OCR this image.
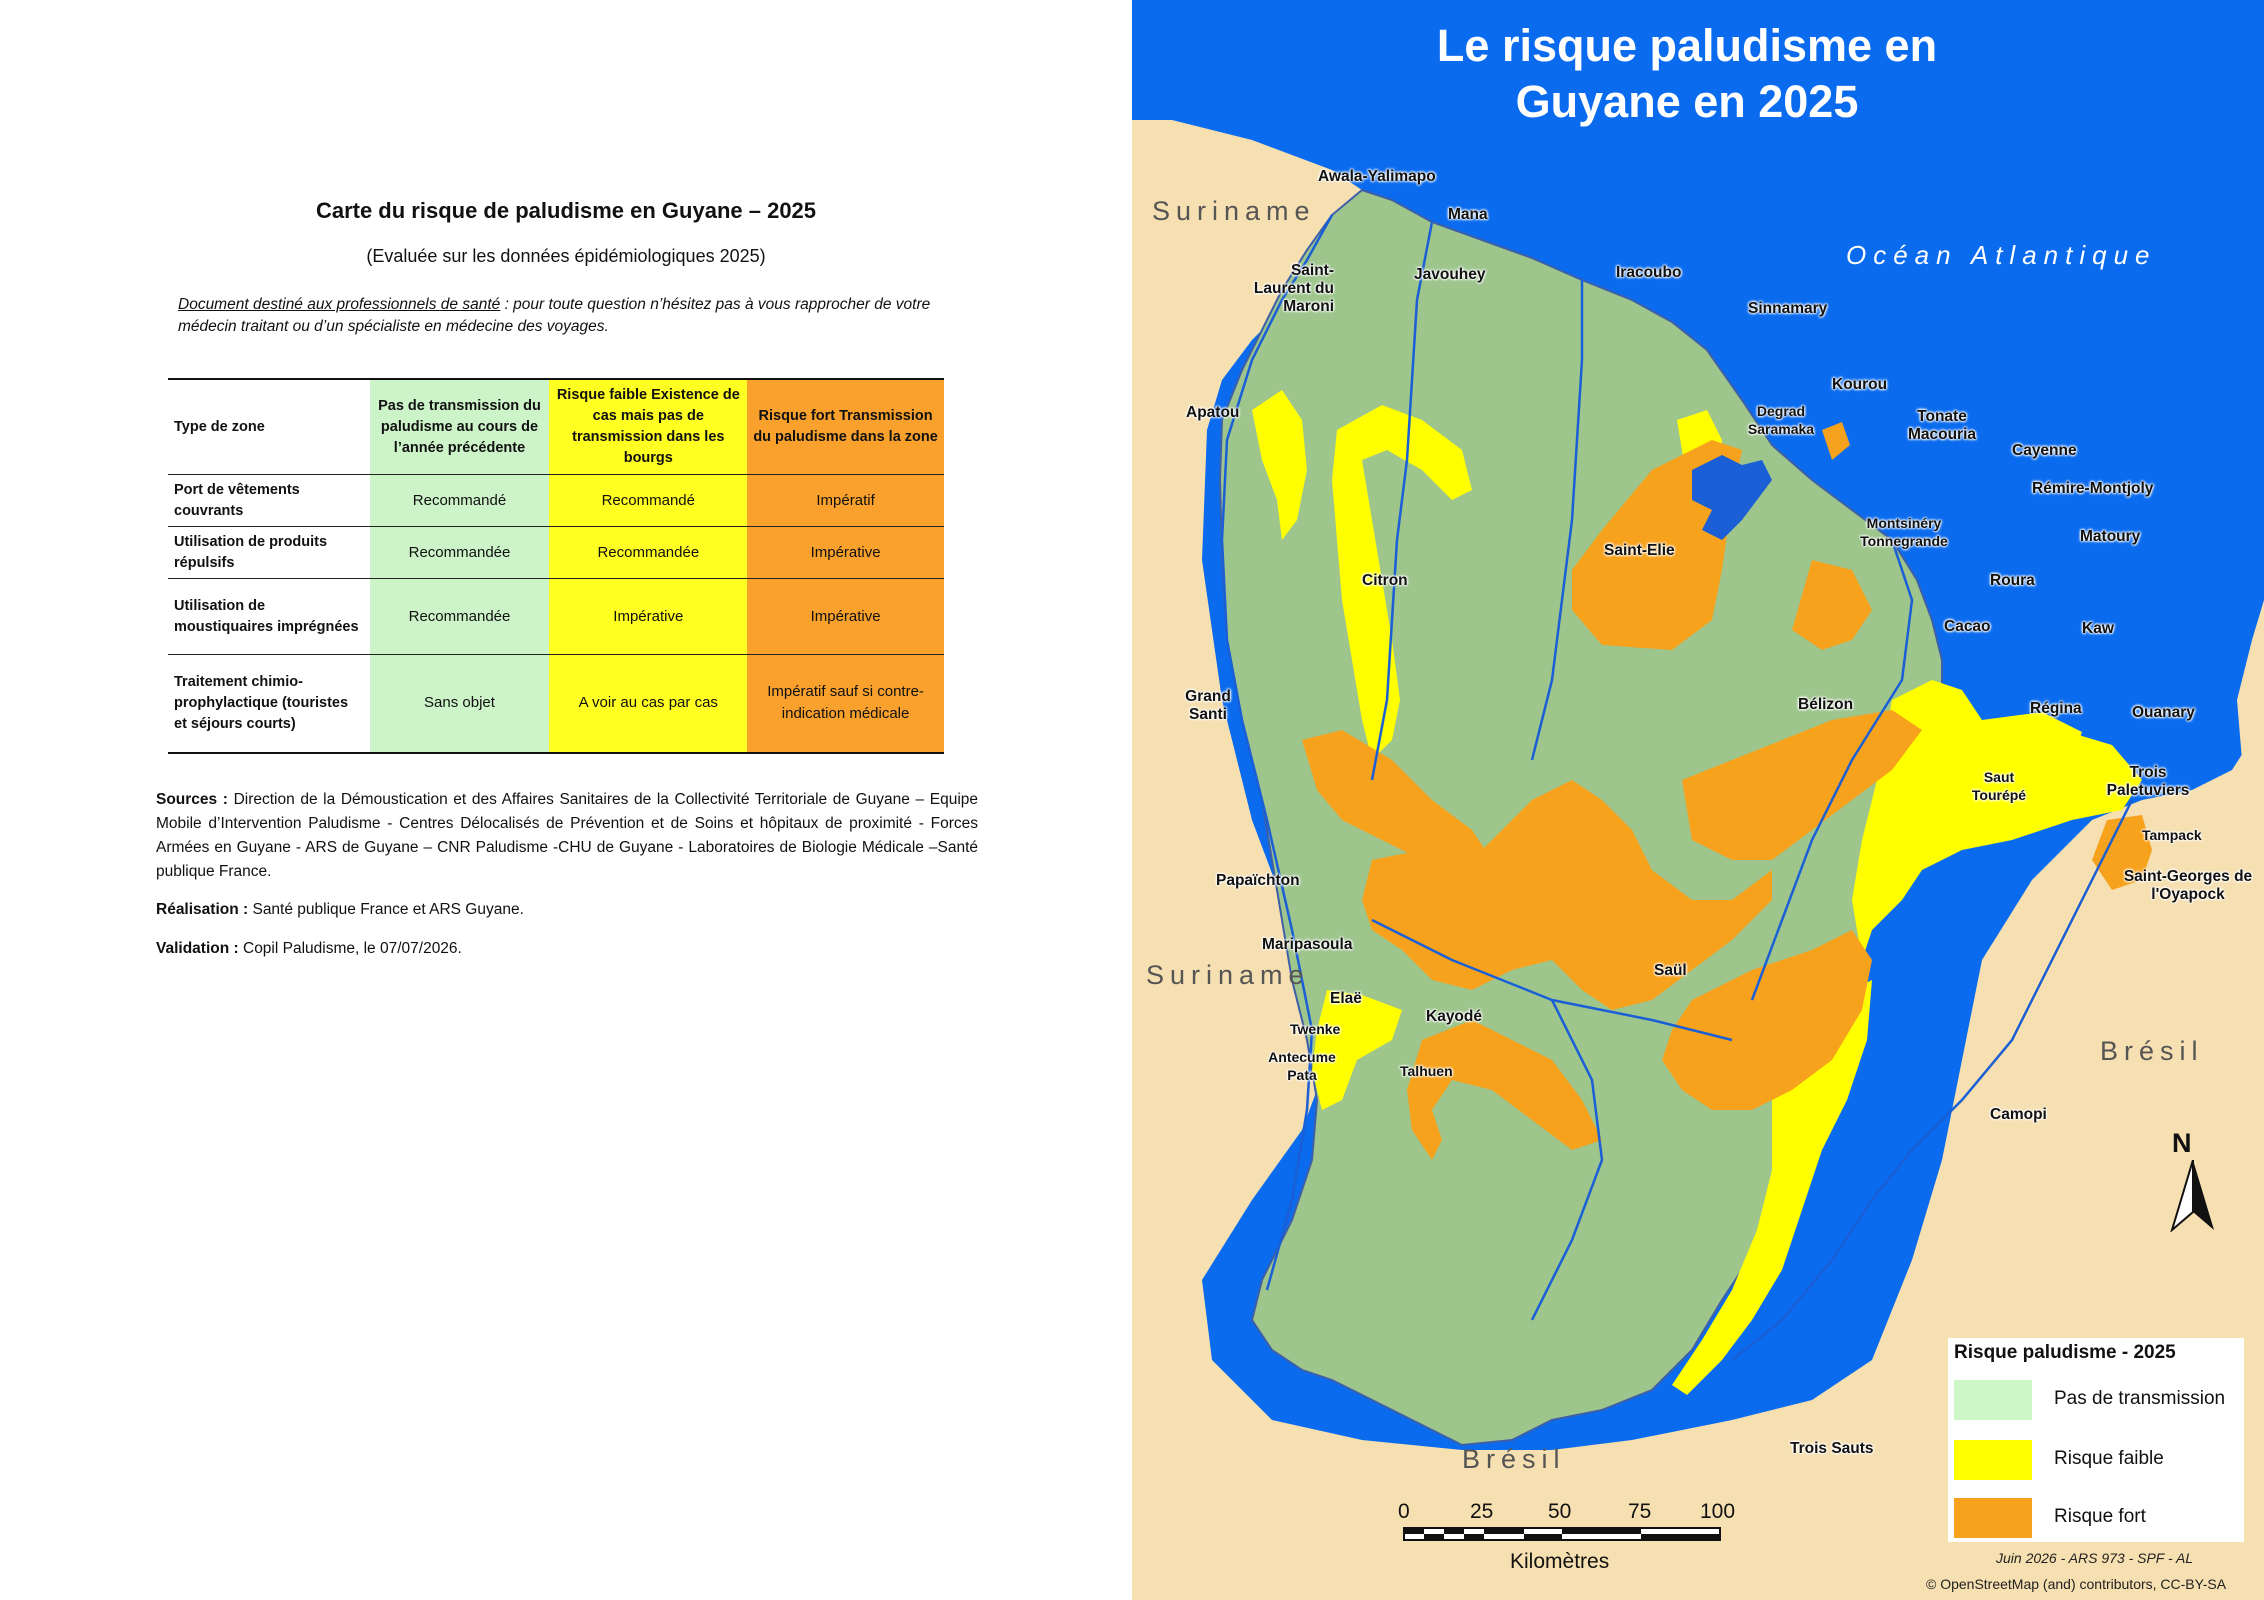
Carte du risque de paludisme en Guyane – 2025
(Evaluée sur les données épidémiologiques 2025)
Document destiné aux professionnels de santé : pour toute question n’hésitez pas à vous rapprocher de votre médecin traitant ou d’un spécialiste en médecine des voyages.
Type de zone	Pas de transmission du paludisme au cours de l’année précédente	Risque faible Existence de cas mais pas de transmission dans les bourgs	Risque fort Transmission du paludisme dans la zone
Port de vêtements couvrants	Recommandé	Recommandé	Impératif
Utilisation de produits répulsifs	Recommandée	Recommandée	Impérative
Utilisation de moustiquaires imprégnées	Recommandée	Impérative	Impérative
Traitement chimio-prophylactique (touristes et séjours courts)	Sans objet	A voir au cas par cas	Impératif sauf si contre-indication médicale
Sources : Direction de la Démoustication et des Affaires Sanitaires de la Collectivité Territoriale de Guyane – Equipe Mobile d’Intervention Paludisme - Centres Délocalisés de Prévention et de Soins et hôpitaux de proximité - Forces Armées en Guyane - ARS de Guyane – CNR Paludisme -CHU de Guyane - Laboratoires de Biologie Médicale –Santé publique France.
Réalisation : Santé publique France et ARS Guyane.
Validation : Copil Paludisme, le 07/07/2026.
Le risque paludisme en Guyane en 2025
Suriname
Suriname
Brésil
Brésil
Océan Atlantique
Awala-Yalimapo
Mana
Saint-Laurent du Maroni
Javouhey	Iracoubo
Sinnamary
Kourou
Degrad Saramaka
Tonate Macouria
Cayenne
Rémire-Montjoly
Matoury
Montsinéry Tonnegrande
Roura
Cacao	Kaw
Apatou
Saint-Elie
Citron
Grand Santi
Bélizon	Régina	Ouanary
Saut Tourépé
Trois Paletuviers
Tampack
Saint-Georges de l'Oyapock
Papaïchton
Maripasoula
Saül
Elaë
Twenke
Kayodé
Antecume Pata	Talhuen
Camopi
Trois Sauts
N
0	25	50	75 100
Kilomètres
Risque paludisme - 2025
Pas de transmission
Risque faible
Risque fort
Juin 2026 - ARS 973 - SPF - AL
© OpenStreetMap (and) contributors, CC-BY-SA
